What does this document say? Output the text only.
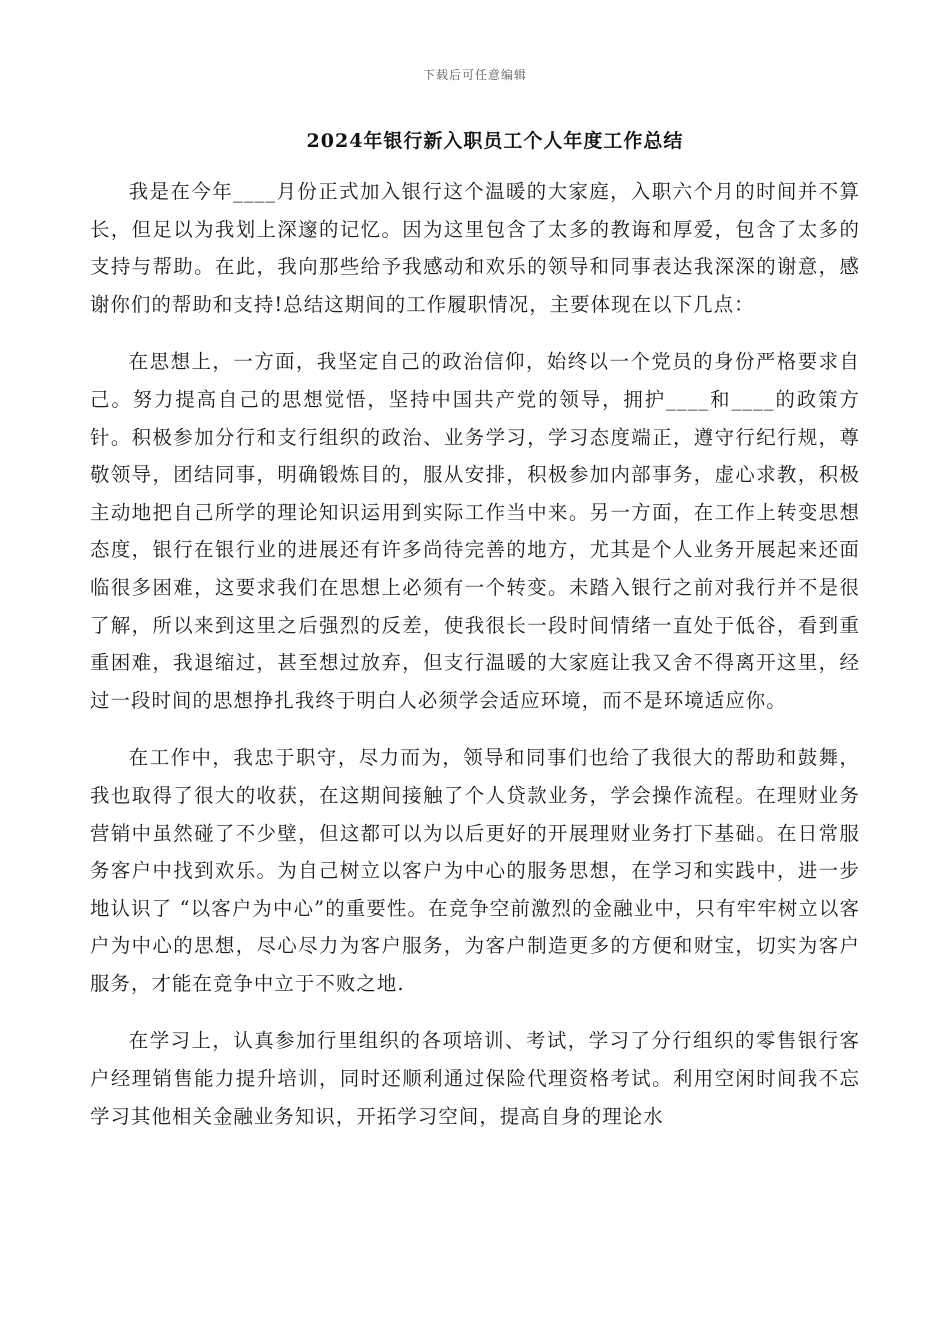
下载后可任意编辑
2024年银行新入职员工个人年度工作总结

我是在今年____月份正式加入银行这个温暖的大家庭，入职六个月的时间并不算长，但足以为我划上深邃的记忆。因为这里包含了太多的教诲和厚爱，包含了太多的支持与帮助。在此，我向那些给予我感动和欢乐的领导和同事表达我深深的谢意，感谢你们的帮助和支持!总结这期间的工作履职情况，主要体现在以下几点：

在思想上，一方面，我坚定自己的政治信仰，始终以一个党员的身份严格要求自己。努力提高自己的思想觉悟，坚持中国共产党的领导，拥护____和____的政策方针。积极参加分行和支行组织的政治、业务学习，学习态度端正，遵守行纪行规，尊敬领导，团结同事，明确锻炼目的，服从安排，积极参加内部事务，虚心求教，积极主动地把自己所学的理论知识运用到实际工作当中来。另一方面，在工作上转变思想态度，银行在银行业的进展还有许多尚待完善的地方，尤其是个人业务开展起来还面临很多困难，这要求我们在思想上必须有一个转变。未踏入银行之前对我行并不是很了解，所以来到这里之后强烈的反差，使我很长一段时间情绪一直处于低谷，看到重重困难，我退缩过，甚至想过放弃，但支行温暖的大家庭让我又舍不得离开这里，经过一段时间的思想挣扎我终于明白人必须学会适应环境，而不是环境适应你。

在工作中，我忠于职守，尽力而为，领导和同事们也给了我很大的帮助和鼓舞，我也取得了很大的收获，在这期间接触了个人贷款业务，学会操作流程。在理财业务营销中虽然碰了不少壁，但这都可以为以后更好的开展理财业务打下基础。在日常服务客户中找到欢乐。为自己树立以客户为中心的服务思想，在学习和实践中，进一步地认识了 “以客户为中心”的重要性。在竞争空前激烈的金融业中，只有牢牢树立以客户为中心的思想，尽心尽力为客户服务，为客户制造更多的方便和财宝，切实为客户服务，才能在竞争中立于不败之地.

在学习上，认真参加行里组织的各项培训、考试，学习了分行组织的零售银行客户经理销售能力提升培训，同时还顺利通过保险代理资格考试。利用空闲时间我不忘学习其他相关金融业务知识，开拓学习空间，提高自身的理论水
